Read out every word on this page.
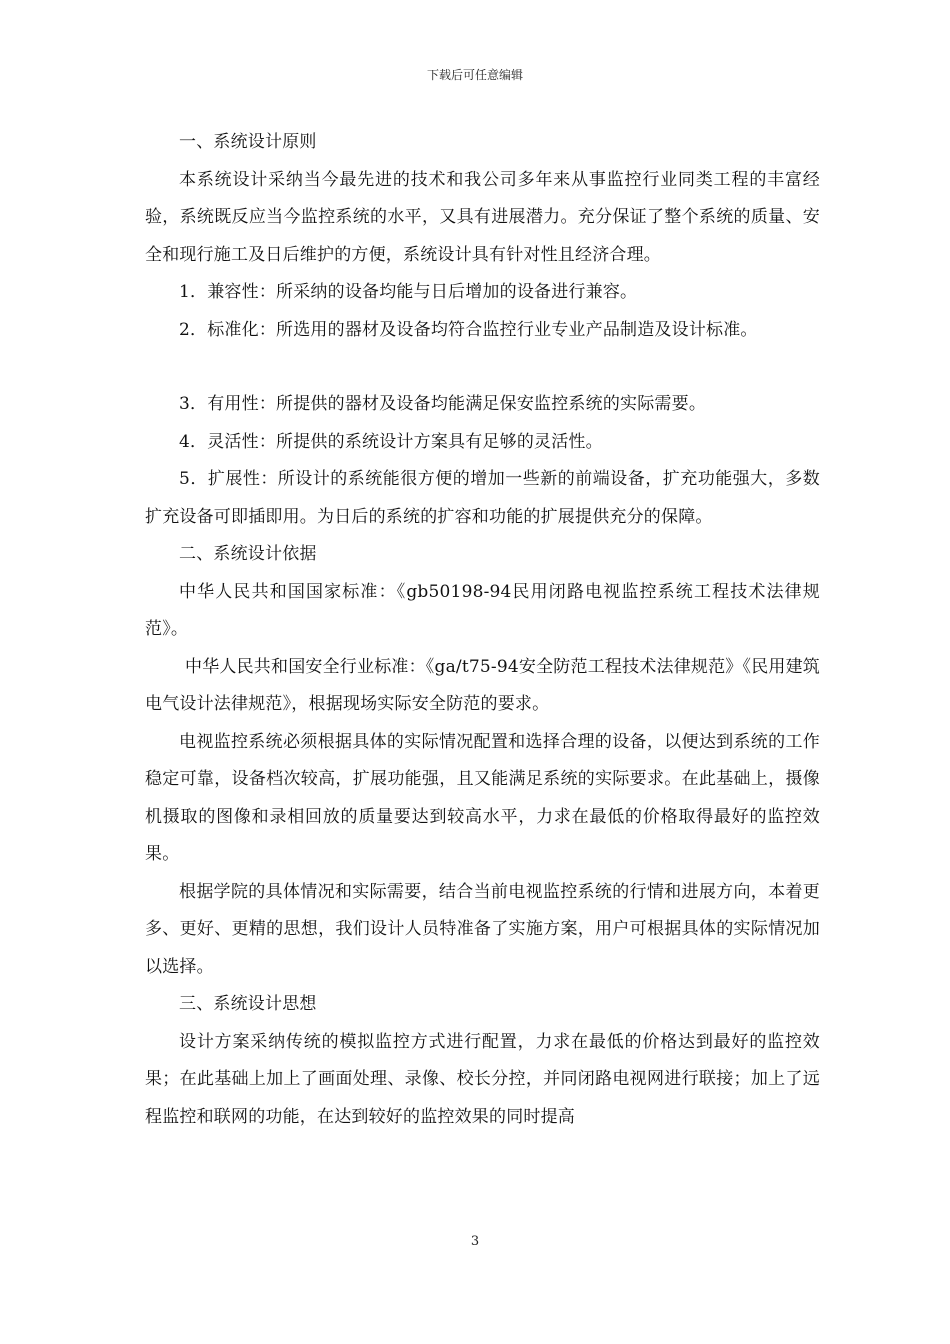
下载后可任意编辑

一、系统设计原则

本系统设计采纳当今最先进的技术和我公司多年来从事监控行业同类工程的丰富经验，系统既反应当今监控系统的水平，又具有进展潜力。充分保证了整个系统的质量、安全和现行施工及日后维护的方便，系统设计具有针对性且经济合理。

1．兼容性：所采纳的设备均能与日后增加的设备进行兼容。

2．标准化：所选用的器材及设备均符合监控行业专业产品制造及设计标准。

3．有用性：所提供的器材及设备均能满足保安监控系统的实际需要。

4．灵活性：所提供的系统设计方案具有足够的灵活性。

5．扩展性：所设计的系统能很方便的增加一些新的前端设备，扩充功能强大，多数扩充设备可即插即用。为日后的系统的扩容和功能的扩展提供充分的保障。

二、系统设计依据

中华人民共和国国家标准：《gb50198-94民用闭路电视监控系统工程技术法律规范》。

中华人民共和国安全行业标准：《ga/t75-94安全防范工程技术法律规范》《民用建筑电气设计法律规范》，根据现场实际安全防范的要求。

电视监控系统必须根据具体的实际情况配置和选择合理的设备，以便达到系统的工作稳定可靠，设备档次较高，扩展功能强，且又能满足系统的实际要求。在此基础上，摄像机摄取的图像和录相回放的质量要达到较高水平，力求在最低的价格取得最好的监控效果。

根据学院的具体情况和实际需要，结合当前电视监控系统的行情和进展方向，本着更多、更好、更精的思想，我们设计人员特准备了实施方案，用户可根据具体的实际情况加以选择。

三、系统设计思想

设计方案采纳传统的模拟监控方式进行配置，力求在最低的价格达到最好的监控效果；在此基础上加上了画面处理、录像、校长分控，并同闭路电视网进行联接；加上了远程监控和联网的功能，在达到较好的监控效果的同时提高

3
